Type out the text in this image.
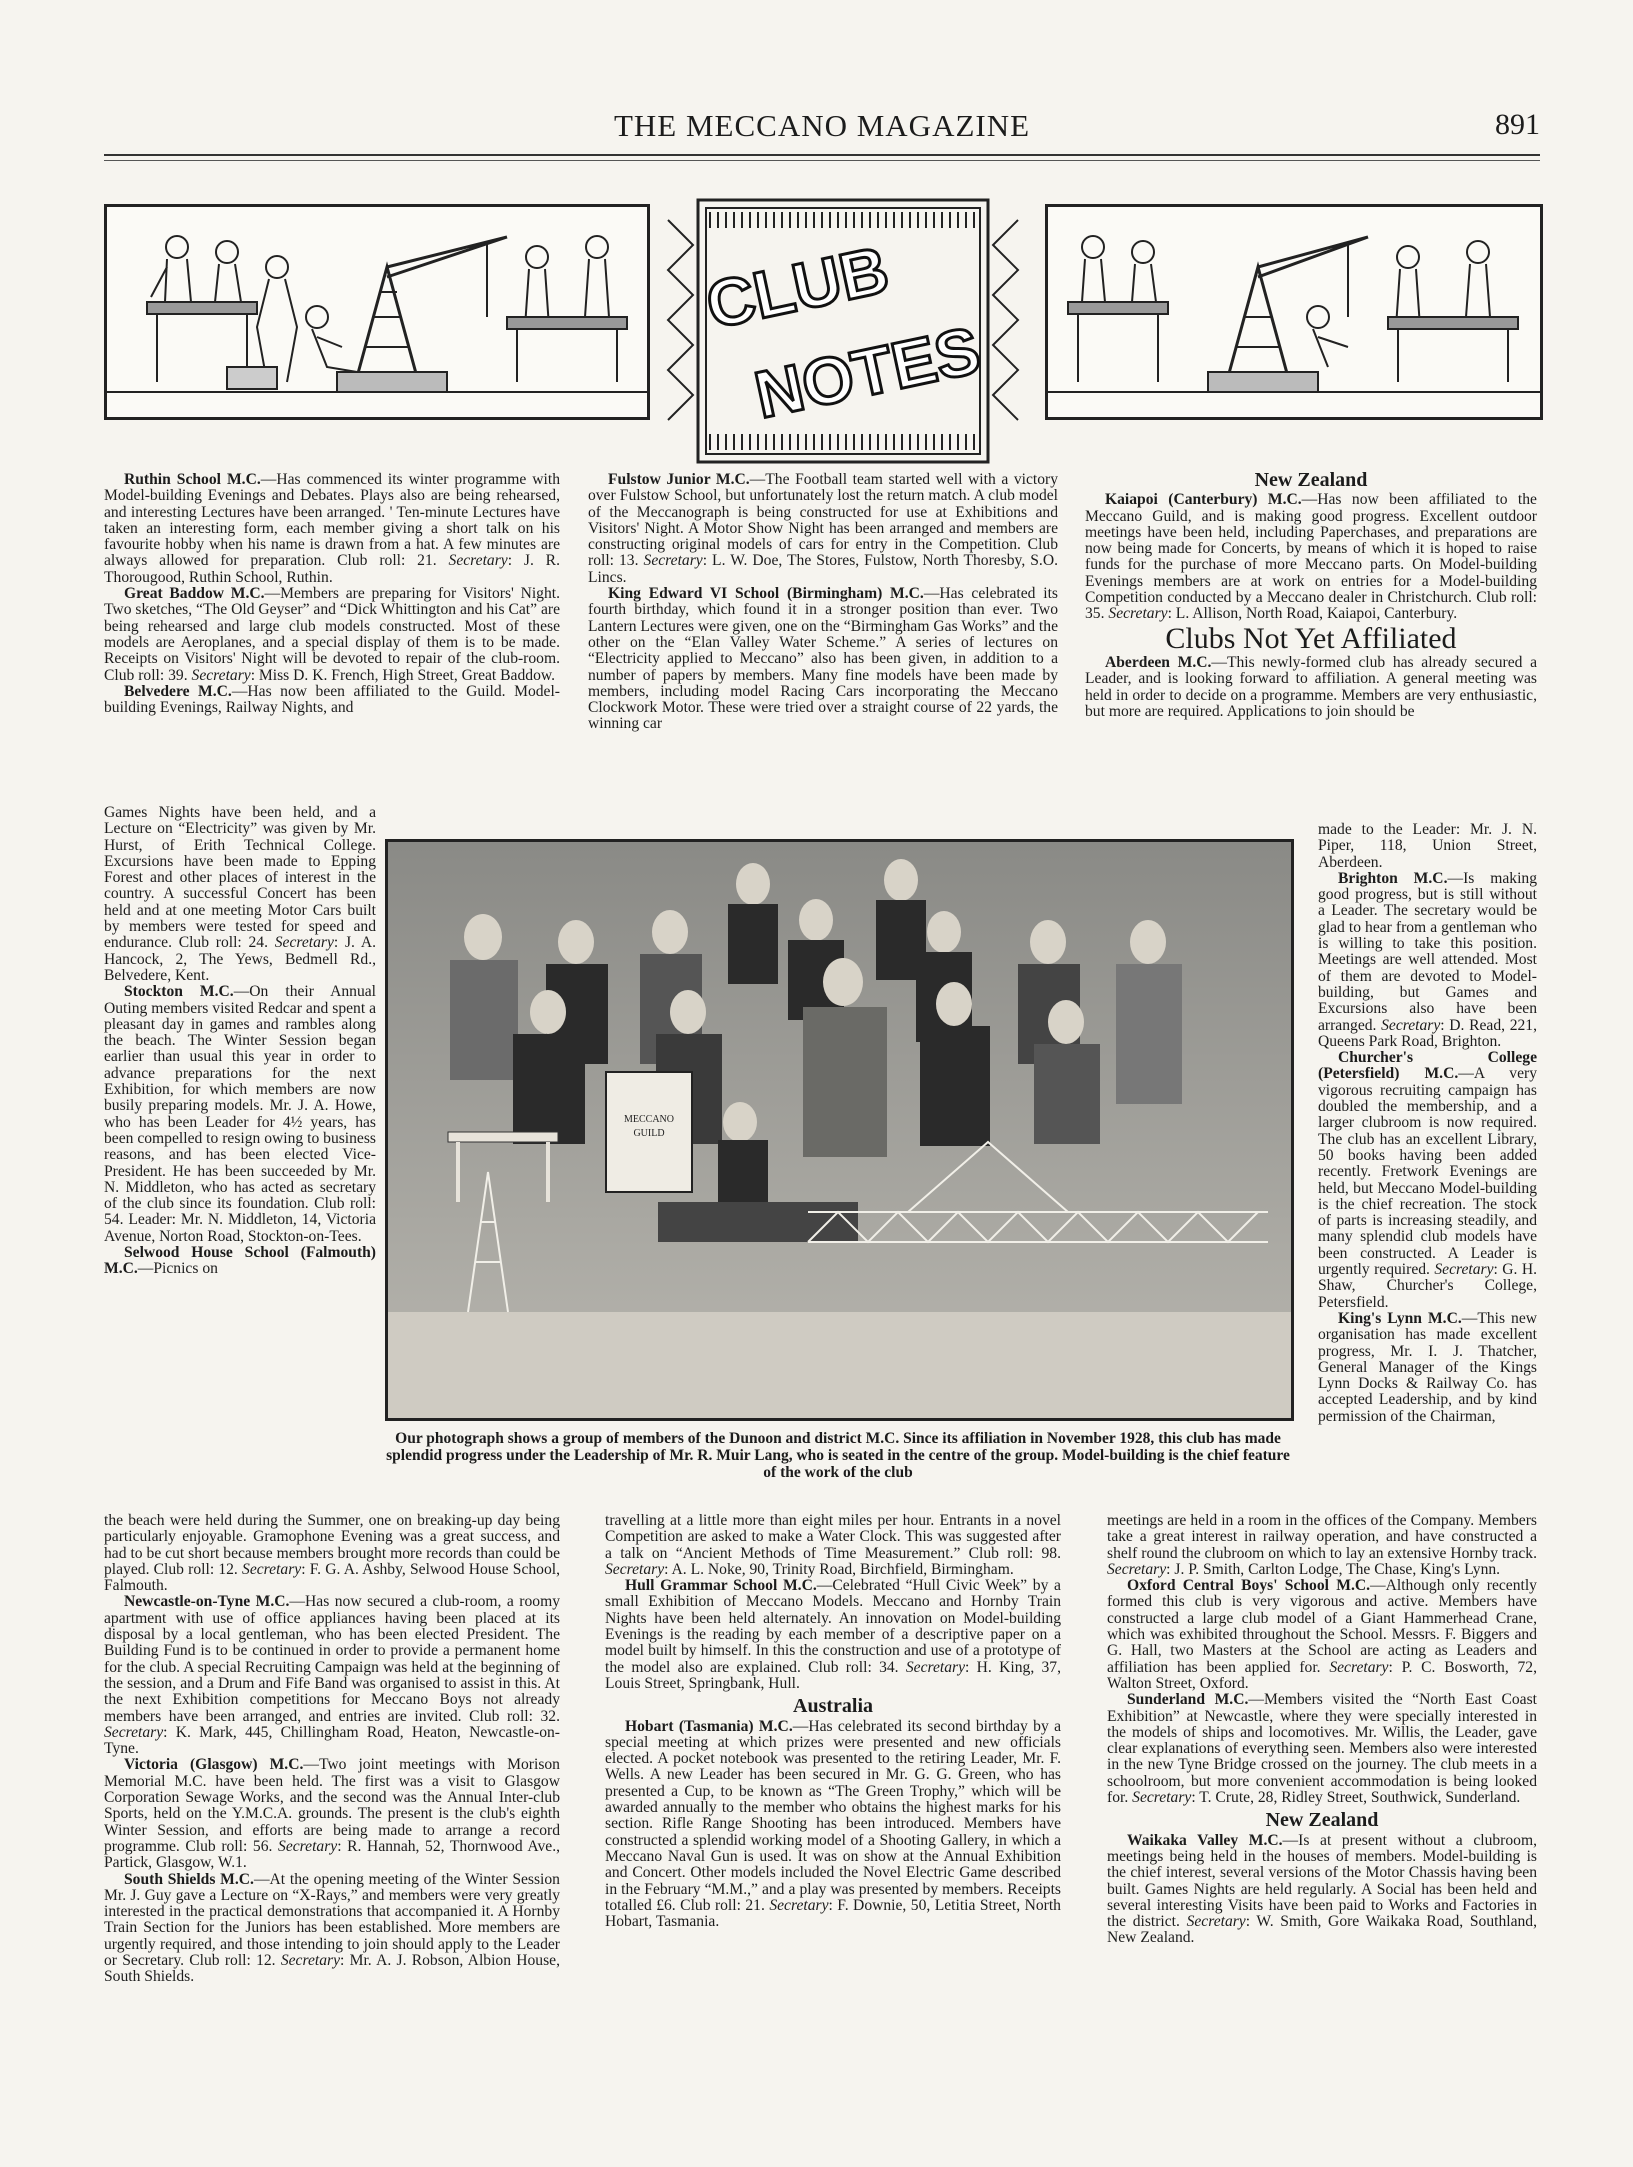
THE MECCANO MAGAZINE	891
CLUB
NOTES

Ruthin School M.C.—Has commenced its winter programme with Model-building Evenings and Debates. Plays also are being rehearsed, and interesting Lectures have been arranged. ' Ten-minute Lectures have taken an interesting form, each member giving a short talk on his favourite hobby when his name is drawn from a hat. A few minutes are always allowed for preparation. Club roll: 21. Secretary: J. R. Thorougood, Ruthin School, Ruthin.

Great Baddow M.C.—Members are preparing for Visitors' Night. Two sketches, “The Old Geyser” and “Dick Whittington and his Cat” are being rehearsed and large club models constructed. Most of these models are Aeroplanes, and a special display of them is to be made. Receipts on Visitors' Night will be devoted to repair of the club-room. Club roll: 39. Secretary: Miss D. K. French, High Street, Great Baddow.

Belvedere M.C.—Has now been affiliated to the Guild. Model-building Evenings, Railway Nights, and

Games Nights have been held, and a Lecture on “Electricity” was given by Mr. Hurst, of Erith Technical College. Excursions have been made to Epping Forest and other places of interest in the country. A successful Concert has been held and at one meeting Motor Cars built by members were tested for speed and endurance. Club roll: 24. Secretary: J. A. Hancock, 2, The Yews, Bedmell Rd., Belvedere, Kent.

Stockton M.C.—On their Annual Outing members visited Redcar and spent a pleasant day in games and rambles along the beach. The Winter Session began earlier than usual this year in order to advance preparations for the next Exhibition, for which members are now busily preparing models. Mr. J. A. Howe, who has been Leader for 4½ years, has been compelled to resign owing to business reasons, and has been elected Vice-President. He has been succeeded by Mr. N. Middleton, who has acted as secretary of the club since its foundation. Club roll: 54. Leader: Mr. N. Middleton, 14, Victoria Avenue, Norton Road, Stockton-on-Tees.

Selwood House School (Falmouth) M.C.—Picnics on

the beach were held during the Summer, one on breaking-up day being particularly enjoyable. Gramophone Evening was a great success, and had to be cut short because members brought more records than could be played. Club roll: 12. Secretary: F. G. A. Ashby, Selwood House School, Falmouth.

Newcastle-on-Tyne M.C.—Has now secured a club-room, a roomy apartment with use of office appliances having been placed at its disposal by a local gentleman, who has been elected President. The Building Fund is to be continued in order to provide a permanent home for the club. A special Recruiting Campaign was held at the beginning of the session, and a Drum and Fife Band was organised to assist in this. At the next Exhibition competitions for Meccano Boys not already members have been arranged, and entries are invited. Club roll: 32. Secretary: K. Mark, 445, Chillingham Road, Heaton, Newcastle-on-Tyne.

Victoria (Glasgow) M.C.—Two joint meetings with Morison Memorial M.C. have been held. The first was a visit to Glasgow Corporation Sewage Works, and the second was the Annual Inter-club Sports, held on the Y.M.C.A. grounds. The present is the club's eighth Winter Session, and efforts are being made to arrange a record programme. Club roll: 56. Secretary: R. Hannah, 52, Thornwood Ave., Partick, Glasgow, W.1.

South Shields M.C.—At the opening meeting of the Winter Session Mr. J. Guy gave a Lecture on “X-Rays,” and members were very greatly interested in the practical demonstrations that accompanied it. A Hornby Train Section for the Juniors has been established. More members are urgently required, and those intending to join should apply to the Leader or Secretary. Club roll: 12. Secretary: Mr. A. J. Robson, Albion House, South Shields.

Fulstow Junior M.C.—The Football team started well with a victory over Fulstow School, but unfortunately lost the return match. A club model of the Meccanograph is being constructed for use at Exhibitions and Visitors' Night. A Motor Show Night has been arranged and members are constructing original models of cars for entry in the Competition. Club roll: 13. Secretary: L. W. Doe, The Stores, Fulstow, North Thoresby, S.O. Lincs.

King Edward VI School (Birmingham) M.C.—Has celebrated its fourth birthday, which found it in a stronger position than ever. Two Lantern Lectures were given, one on the “Birmingham Gas Works” and the other on the “Elan Valley Water Scheme.” A series of lectures on “Electricity applied to Meccano” also has been given, in addition to a number of papers by members. Many fine models have been made by members, including model Racing Cars incorporating the Meccano Clockwork Motor. These were tried over a straight course of 22 yards, the winning car

travelling at a little more than eight miles per hour. Entrants in a novel Competition are asked to make a Water Clock. This was suggested after a talk on “Ancient Methods of Time Measurement.” Club roll: 98. Secretary: A. L. Noke, 90, Trinity Road, Birchfield, Birmingham.

Hull Grammar School M.C.—Celebrated “Hull Civic Week” by a small Exhibition of Meccano Models. Meccano and Hornby Train Nights have been held alternately. An innovation on Model-building Evenings is the reading by each member of a descriptive paper on a model built by himself. In this the construction and use of a prototype of the model also are explained. Club roll: 34. Secretary: H. King, 37, Louis Street, Springbank, Hull.

Australia

Hobart (Tasmania) M.C.—Has celebrated its second birthday by a special meeting at which prizes were presented and new officials elected. A pocket notebook was presented to the retiring Leader, Mr. F. Wells. A new Leader has been secured in Mr. G. G. Green, who has presented a Cup, to be known as “The Green Trophy,” which will be awarded annually to the member who obtains the highest marks for his section. Rifle Range Shooting has been introduced. Members have constructed a splendid working model of a Shooting Gallery, in which a Meccano Naval Gun is used. It was on show at the Annual Exhibition and Concert. Other models included the Novel Electric Game described in the February “M.M.,” and a play was presented by members. Receipts totalled £6. Club roll: 21. Secretary: F. Downie, 50, Letitia Street, North Hobart, Tasmania.

New Zealand

Kaiapoi (Canterbury) M.C.—Has now been affiliated to the Meccano Guild, and is making good progress. Excellent outdoor meetings have been held, including Paperchases, and preparations are now being made for Concerts, by means of which it is hoped to raise funds for the purchase of more Meccano parts. On Model-building Evenings members are at work on entries for a Model-building Competition conducted by a Meccano dealer in Christchurch. Club roll: 35. Secretary: L. Allison, North Road, Kaiapoi, Canterbury.

Clubs Not Yet Affiliated

Aberdeen M.C.—This newly-formed club has already secured a Leader, and is looking forward to affiliation. A general meeting was held in order to decide on a programme. Members are very enthusiastic, but more are required. Applications to join should be

made to the Leader: Mr. J. N. Piper, 118, Union Street, Aberdeen.

Brighton M.C.—Is making good progress, but is still without a Leader. The secretary would be glad to hear from a gentleman who is willing to take this position. Meetings are well attended. Most of them are devoted to Model-building, but Games and Excursions also have been arranged. Secretary: D. Read, 221, Queens Park Road, Brighton.

Churcher's College (Petersfield) M.C.—A very vigorous recruiting campaign has doubled the membership, and a larger clubroom is now required. The club has an excellent Library, 50 books having been added recently. Fretwork Evenings are held, but Meccano Model-building is the chief recreation. The stock of parts is increasing steadily, and many splendid club models have been constructed. A Leader is urgently required. Secretary: G. H. Shaw, Churcher's College, Petersfield.

King's Lynn M.C.—This new organisation has made excellent progress, Mr. I. J. Thatcher, General Manager of the Kings Lynn Docks & Railway Co. has accepted Leadership, and by kind permission of the Chairman,

meetings are held in a room in the offices of the Company. Members take a great interest in railway operation, and have constructed a shelf round the clubroom on which to lay an extensive Hornby track. Secretary: J. P. Smith, Carlton Lodge, The Chase, King's Lynn.

Oxford Central Boys' School M.C.—Although only recently formed this club is very vigorous and active. Members have constructed a large club model of a Giant Hammerhead Crane, which was exhibited throughout the School. Messrs. F. Biggers and G. Hall, two Masters at the School are acting as Leaders and affiliation has been applied for. Secretary: P. C. Bosworth, 72, Walton Street, Oxford.

Sunderland M.C.—Members visited the “North East Coast Exhibition” at Newcastle, where they were specially interested in the models of ships and locomotives. Mr. Willis, the Leader, gave clear explanations of everything seen. Members also were interested in the new Tyne Bridge crossed on the journey. The club meets in a schoolroom, but more convenient accommodation is being looked for. Secretary: T. Crute, 28, Ridley Street, Southwick, Sunderland.

New Zealand

Waikaka Valley M.C.—Is at present without a clubroom, meetings being held in the houses of members. Model-building is the chief interest, several versions of the Motor Chassis having been built. Games Nights are held regularly. A Social has been held and several interesting Visits have been paid to Works and Factories in the district. Secretary: W. Smith, Gore Waikaka Road, Southland, New Zealand.

MECCANO
GUILD
Our photograph shows a group of members of the Dunoon and district M.C. Since its affiliation in November 1928, this club has made splendid progress under the Leadership of Mr. R. Muir Lang, who is seated in the centre of the group. Model-building is the chief feature of the work of the club
